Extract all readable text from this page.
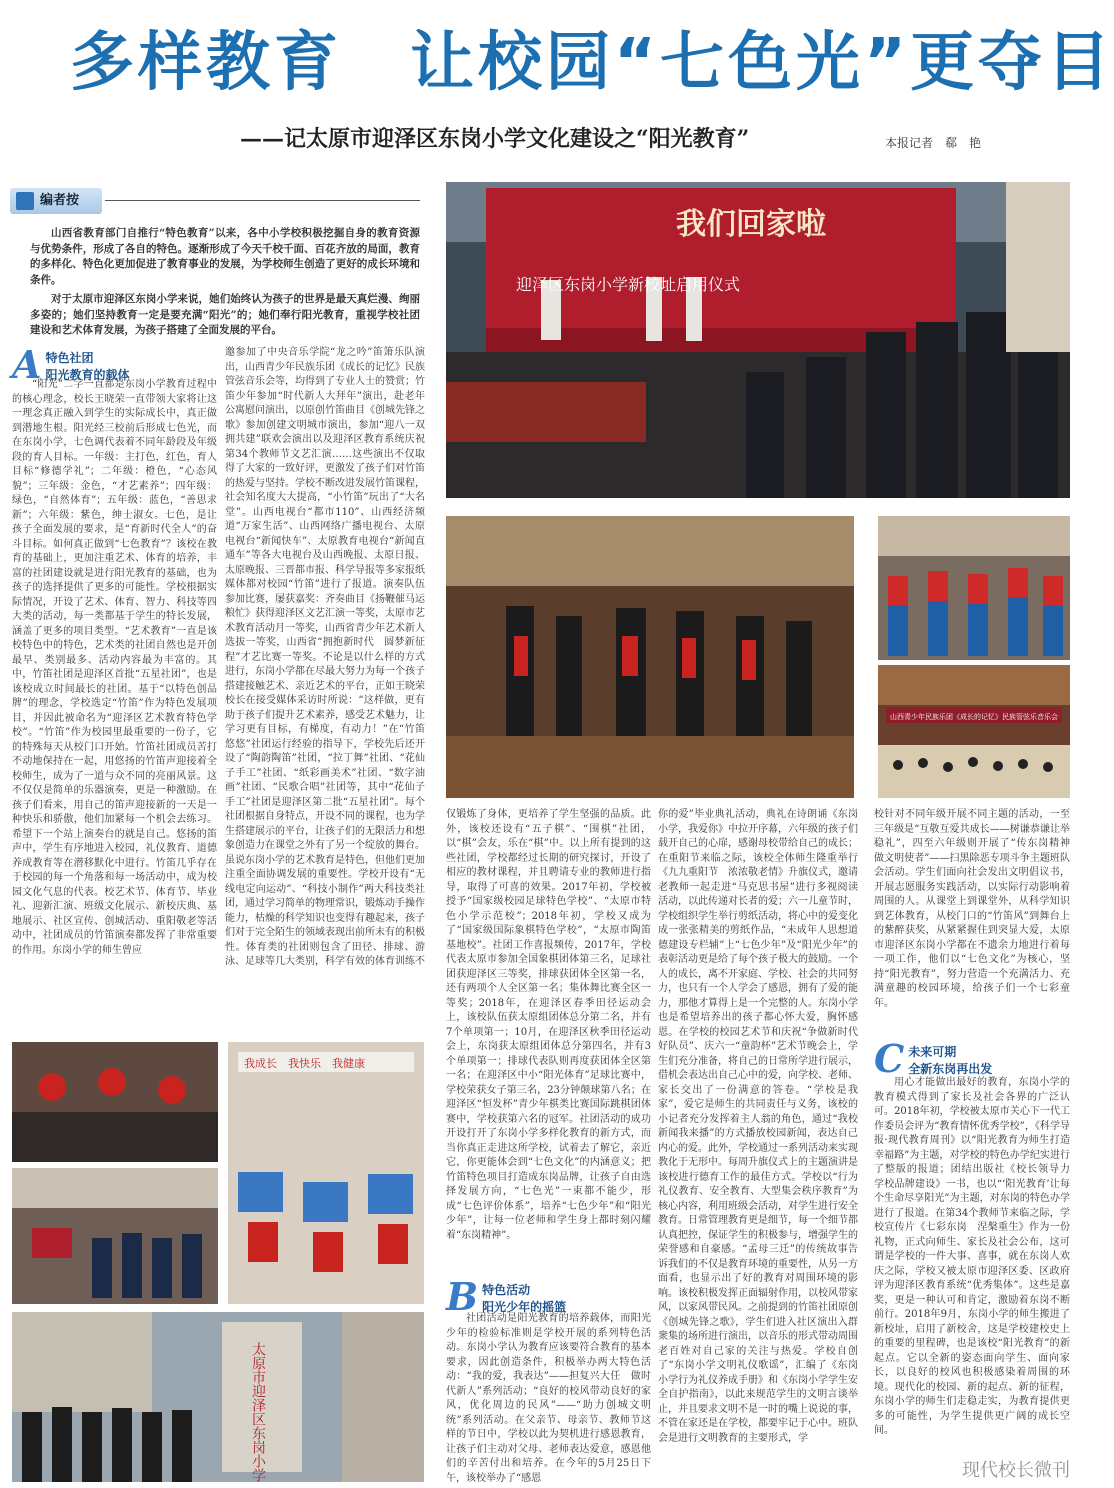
多样教育　让校园“七色光”更夺目
——记太原市迎泽区东岗小学文化建设之“阳光教育”	本报记者　郗　艳
编者按

山西省教育部门自推行“特色教育”以来，各中小学校积极挖掘自身的教育资源与优势条件，形成了各自的特色。逐渐形成了今天千校千面、百花齐放的局面，教育的多样化、特色化更加促进了教育事业的发展，为学校师生创造了更好的成长环境和条件。

对于太原市迎泽区东岗小学来说，她们始终认为孩子的世界是最天真烂漫、绚丽多姿的；她们坚持教育一定是要充满“阳光”的；她们奉行阳光教育，重视学校社团建设和艺术体育发展，为孩子搭建了全面发展的平台。

A 特色社团
阳光教育的载体
“阳光”二字一直都是东岗小学教育过程中的核心理念，校长王晓荣一直带领大家将让这一理念真正融入到学生的实际成长中，真正做到潜地生根。阳光经三校前后形成七色光，而在东岗小学，七色调代表着不同年龄段及年级段的育人目标。一年级：主打色，红色，育人目标“修德学礼”；二年级：橙色，“心态风貌”；三年级：金色，“才艺素养”；四年级：绿色，“自然体育”；五年级：蓝色，“善思求新”；六年级：紫色，绅士淑女。七色，是让孩子全面发展的要求，是“育新时代全人”的奋斗目标。如何真正做到“七色教育”？该校在教育的基础上，更加注重艺术、体育的培养，丰富的社团建设就是进行阳光教育的基础，也为孩子的选择提供了更多的可能性。学校根据实际情况，开设了艺术、体育、智力、科技等四大类的活动，每一类都基于学生的特长发展，涵盖了更多的项目类型。“艺术教育”一直是该校特色中的特色，艺术类的社团自然也是开创最早、类别最多、活动内容最为丰富的。其中，竹笛社团是迎泽区首批“五星社团”，也是该校成立时间最长的社团。基于“以特色创品牌”的理念，学校选定“竹笛”作为特色发展项目，并因此被命名为“迎泽区艺术教育特色学校”。“竹笛”作为校园里最重要的一份子，它的特殊每天从校门口开始。竹笛社团成员苦打不动地保持在一起，用悠扬的竹笛声迎接着全校师生，成为了一道与众不同的亮丽风景。这不仅仅是简单的乐器演奏，更是一种激励。在孩子们看来，用自己的笛声迎接新的一天是一种快乐和骄傲，他们加紧每一个机会去练习。希望下一个站上演奏台的就是自己。悠扬的笛声中，学生有序地进入校园，礼仪教育、道德养成教育等在潜移默化中进行。竹笛几乎存在于校园的每一个角落和每一场活动中，成为校园文化气息的代表。校艺术节、体育节、毕业礼、迎新汇演、班级文化展示、新校庆典、基地展示、社区宣传、创城活动、重阳敬老等活动中，社团成员的竹笛演奏都发挥了非常重要的作用。东岗小学的师生曾应
邀参加了中央音乐学院“龙之吟”笛箫乐队演出，山西青少年民族乐团《成长的记忆》民族管弦音乐会等，均得到了专业人士的赞赏；竹笛少年参加“时代新人大拜年”演出，赴老年公寓慰问演出，以原创竹笛曲目《创城先锋之歌》参加创建文明城市演出，参加“迎八一双拥共建”联欢会演出以及迎泽区教育系统庆祝第34个教师节文艺汇演……这些演出不仅取得了大家的一致好评，更激发了孩子们对竹笛的热爱与坚持。学校不断改进发展竹笛课程，社会知名度大大提高，“小竹笛”玩出了“大名堂”。山西电视台“都市110”、山西经济频道“万家生活”、山西网络广播电视台、太原电视台“新闻快车”、太原教育电视台“新闻直通车”等各大电视台及山西晚报、太原日报、太原晚报、三晋都市报、科学导报等多家报纸媒体都对校园“竹笛”进行了报道。演奏队伍参加比赛，屡获嘉奖：齐奏曲目《扬鞭催马运粮忙》获得迎泽区文艺汇演一等奖，太原市艺术教育活动月一等奖，山西省青少年艺术新人选拔一等奖，山西省“拥抱新时代　圆梦新征程”才艺比赛一等奖。不论是以什么样的方式进行，东岗小学都在尽最大努力为每一个孩子搭建接触艺术、亲近艺术的平台，正如王晓荣校长在接受媒体采访时所说：“这样做，更有助于孩子们提升艺术素养，感受艺术魅力，让学习更有目标，有梯度，有动力！”在“竹笛悠悠”社团运行经验的指导下，学校先后还开设了“陶韵陶笛”社团，“拉丁舞”社团、“花仙子手工”社团、“纸彩画美术”社团、“数字油画”社团、“民歌合唱”社团等，其中“花仙子手工”社团是迎泽区第二批“五星社团”。每个社团根据自身特点，开设不同的课程，也为学生搭建展示的平台，让孩子们的无限活力和想象创造力在课堂之外有了另一个绽放的舞台。虽说东岗小学的艺术教育是特色，但他们更加注重全面协调发展的重要性。学校开设有“无线电定向运动”、“科技小制作”两大科技类社团，通过学习简单的物理常识，锻炼动手操作能力，枯燥的科学知识也变得有趣起来，孩子们对于完全陌生的领域表现出前所未有的积极性。体育类的社团则包含了田径、排球、游泳、足球等几大类别，科学有效的体育训练不
我们回家啦
迎泽区东岗小学新校址启用仪式
山西青少年民族乐团《成长的记忆》民族管弦乐音乐会
仅锻炼了身体，更培养了学生坚强的品质。此外，该校还设有“五子棋”、“围棋”社团，以“棋”会友，乐在“棋”中。以上所有提到的这些社团，学校都经过长期的研究探讨，开设了相应的教材课程，并且聘请专业的教师进行指导，取得了可喜的效果。2017年初，学校被授予“国家级校园足球特色学校”、“太原市特色小学示范校”；2018年初，学校又成为了“国家级国际象棋特色学校”，“太原市陶笛基地校”。社团工作喜报频传，2017年，学校代表太原市参加全国象棋团体第三名，足球社团获迎泽区三等奖，排球获团体全区第一名，还有两项个人全区第一名；集体舞比赛全区一等奖；2018年，在迎泽区春季田径运动会上，该校队伍获太原组团体总分第二名，并有7个单项第一；10月，在迎泽区秋季田径运动会上，东岗获太原组团体总分第四名，并有3个单项第一；排球代表队则再度获团体全区第一名；在迎泽区中小“阳光体育”足球比赛中，学校荣获女子第三名，23分钟颠球第八名；在迎泽区“恒发杯”青少年棋类比赛国际跳棋团体赛中，学校获第六名的冠军。社团活动的成功开设打开了东岗小学多样化教育的新方式，而当你真正走进这所学校，试着去了解它，亲近它，你更能体会到“七色文化”的内涵意义；把竹笛特色项目打造成东岗品牌，让孩子自由选择发展方向，“七色光”一束都不能少，形成“七色评价体系”，培养“七色少年”和“阳光少年”，让每一位老师和学生身上都时刻闪耀着“东岗精神”。
B 特色活动
阳光少年的摇篮
社团活动是阳光教育的培养载体，而阳光少年的检验标准则是学校开展的系列特色活动。东岗小学认为教育应该要符合教育的基本要求，因此创造条件，积极举办两大特色活动：“我的爱，我表达”——担复兴大任　做时代新人”系列活动；“良好的校风带动良好的家风，优化周边的民风”——“助力创城文明统”系列活动。在父亲节、母亲节、教师节这样的节日中，学校以此为契机进行感恩教育，让孩子们主动对父母、老师表达爱意，感恩他们的辛苦付出和培养。在今年的5月25日下午，该校举办了“感恩
你的爱”毕业典礼活动，典礼在诗朗诵《东岗小学，我爱你》中拉开序幕，六年级的孩子们载开自己的心扉，感谢母校带给自己的成长；在重阳节来临之际，该校全体师生隆重举行《九九重阳节　浓浓敬老情》升旗仪式，邀请老教师一起走进“马克思书屋”进行多视阅读活动，以此传递对长者的爱；六一儿童节时，学校组织学生举行剪纸活动，将心中的爱变化成一张张精美的剪纸作品，“未成年人思想道德建设专栏辅”上“七色少年”及“阳光少年”的表彰活动更是给了每个孩子极大的鼓励。一个人的成长，离不开家庭、学校、社会的共同努力，也只有一个人学会了感恩，拥有了爱的能力，那他才算得上是一个完整的人。东岗小学也是希望培养出的孩子都心怀大爱，胸怀感恩。在学校的校园艺术节和庆祝“争做新时代好队员”、庆六一“童韵杯”艺术节晚会上，学生们充分准备，将自己的日常所学进行展示，借机会表达出自己心中的爱，向学校、老师、家长交出了一份满意的答卷。“学校是我家”，爱它是师生的共同责任与义务，该校的小记者充分发挥着主人翁的角色，通过“我校新闻我来播”的方式播放校园新闻，表达自己内心的爱。此外，学校通过一系列活动来实现教化于无形中。每周升旗仪式上的主题演讲是该校进行德育工作的最佳方式。学校以“行为礼仪教育、安全教育、大型集会秩序教育”为核心内容，利用班级会活动，对学生进行安全教育。日常管理教育更是细节，每一个细节都认真把控，保证学生的积极参与，增强学生的荣誉感和自豪感。“孟母三迁”的传统故事告诉我们的不仅是教育环境的重要性，从另一方面看，也显示出了好的教育对周围环境的影响。该校积极发挥正面辐射作用，以校风带家风，以家风带民风。之前提到的竹笛社团原创《创城先锋之歌》，学生们进入社区演出入群衆集的场所进行演出，以音乐的形式带动周围老百姓对自己家的关注与热爱。学校自创了“东岗小学文明礼仪歌谣”，汇编了《东岗小学行为礼仪养成手册》和《东岗小学学生安全自护指南》，以此来规范学生的文明言谈举止，并且要求文明不是一时的嘴上说说的事，不管在家还是在学校，都要牢记于心中。班队会是进行文明教育的主要形式，学
校针对不同年级开展不同主题的活动，一至三年级是“互敬互爱共成长——树谦恭谦让举稳礼”，四至六年级则开展了“传东岗精神　做文明使者”——扫黑除恶专项斗争主题班队会活动。学生们面向社会发出文明倡议书，开展志愿服务实践活动，以实际行动影响着周围的人。从课堂上到课堂外，从科学知识到艺体教育，从校门口的“竹笛风”到舞台上的紫醉获奖，从紧紧握住到突显大爱，太原市迎泽区东岗小学都在不遗余力地进行着每一项工作，他们以“七色文化”为核心，坚持“阳光教育”，努力营造一个充满活力、充满童趣的校园环境，给孩子们一个七彩童年。
C 未来可期
全新东岗再出发
用心才能做出最好的教育，东岗小学的教育模式得到了家长及社会各界的广泛认可。2018年初，学校被太原市关心下一代工作委员会评为“教育情怀优秀学校”，《科学导报·现代教育周刊》以“阳光教育为师生打造幸福路”为主题，对学校的特色办学纪实进行了整版的报道；团结出版社《校长领导力　学校品牌建设》一书，也以“‘阳光教育’让每个生命尽享阳光”为主题，对东岗的特色办学进行了报道。在第34个教师节来临之际，学校宣传片《七彩东岗　涅槃重生》作为一份礼物，正式向师生、家长及社会公布，这可谓是学校的一件大事、喜事，就在东岗人欢庆之际，学校又被太原市迎泽区委、区政府评为迎泽区教育系统“优秀集体”。这些是嘉奖，更是一种认可和肯定，激励着东岗不断前行。2018年9月，东岗小学的师生搬进了新校址，启用了新校舍，这是学校建校史上的重要的里程碑，也是该校“阳光教育”的新起点。它以全新的姿态面向学生、面向家长，以良好的校风也积极感染着周围的环境。现代化的校园、新的起点、新的征程，东岗小学的师生们走稳走实，为教育提供更多的可能性，为学生提供更广阔的成长空间。
我成长　我快乐　我健康
太原市迎泽区东岗小学	现代校长微刊
